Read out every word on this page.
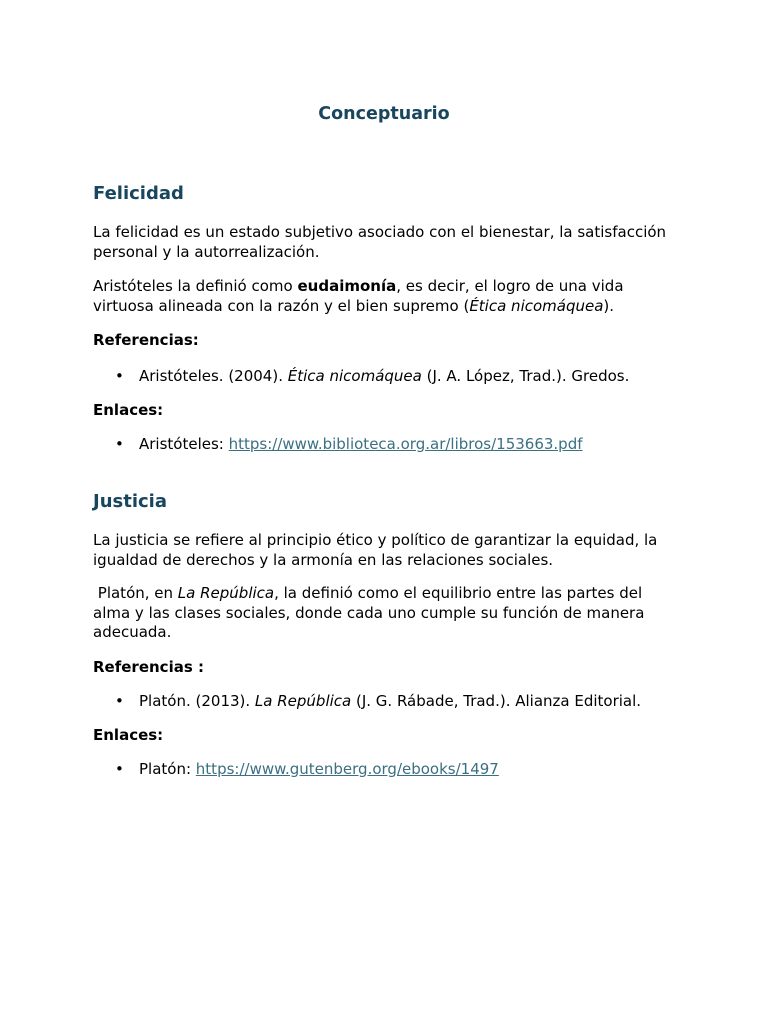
Conceptuario
Felicidad

La felicidad es un estado subjetivo asociado con el bienestar, la satisfacción personal y la autorrealización.

Aristóteles la definió como eudaimonía, es decir, el logro de una vida virtuosa alineada con la razón y el bien supremo (Ética nicomáquea).

Referencias:

•	Aristóteles. (2004). Ética nicomáquea (J. A. López, Trad.). Gredos.

Enlaces:

•	Aristóteles: https://www.biblioteca.org.ar/libros/153663.pdf
Justicia

La justicia se refiere al principio ético y político de garantizar la equidad, la igualdad de derechos y la armonía en las relaciones sociales.

Platón, en La República, la definió como el equilibrio entre las partes del alma y las clases sociales, donde cada uno cumple su función de manera adecuada.

Referencias :

•	Platón. (2013). La República (J. G. Rábade, Trad.). Alianza Editorial.

Enlaces:

•	Platón: https://www.gutenberg.org/ebooks/1497
